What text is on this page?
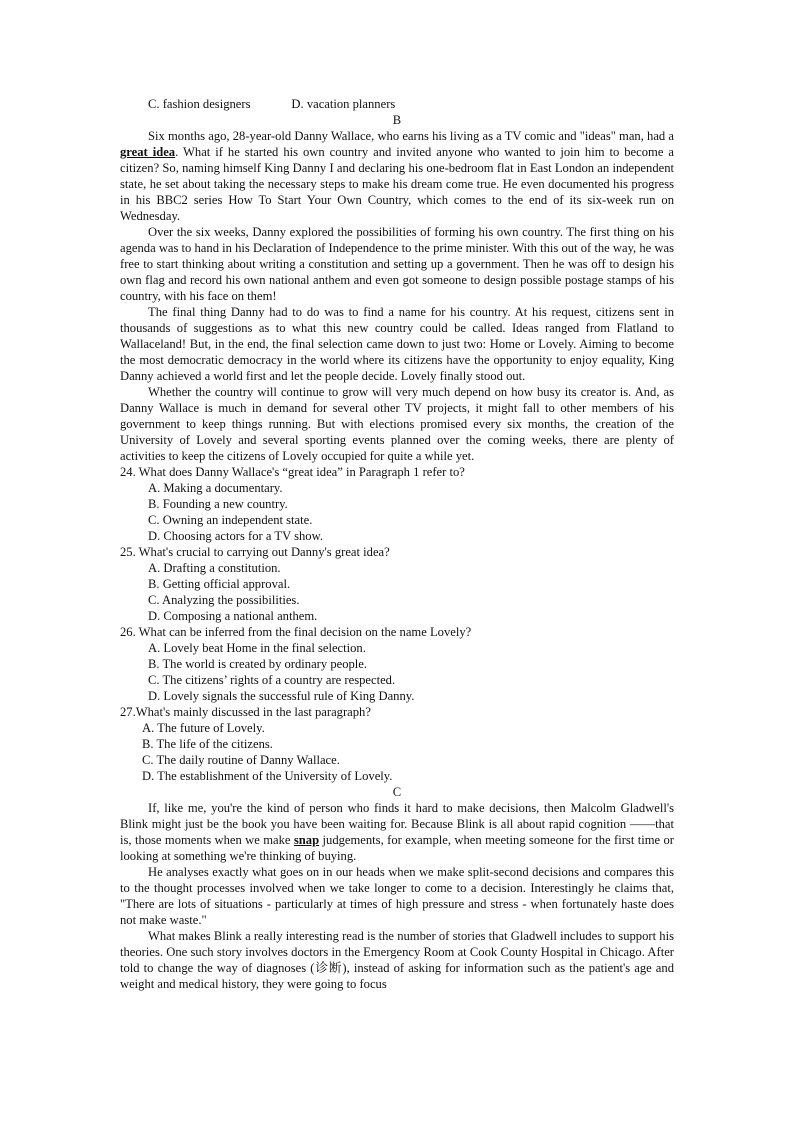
C. fashion designers	D. vacation planners

B

Six months ago, 28-year-old Danny Wallace, who earns his living as a TV comic and "ideas" man, had a great idea. What if he started his own country and invited anyone who wanted to join him to become a citizen? So, naming himself King Danny I and declaring his one-bedroom flat in East London an independent state, he set about taking the necessary steps to make his dream come true. He even documented his progress in his BBC2 series How To Start Your Own Country, which comes to the end of its six-week run on Wednesday.

Over the six weeks, Danny explored the possibilities of forming his own country. The first thing on his agenda was to hand in his Declaration of Independence to the prime minister. With this out of the way, he was free to start thinking about writing a constitution and setting up a government. Then he was off to design his own flag and record his own national anthem and even got someone to design possible postage stamps of his country, with his face on them!

The final thing Danny had to do was to find a name for his country. At his request, citizens sent in thousands of suggestions as to what this new country could be called. Ideas ranged from Flatland to Wallaceland! But, in the end, the final selection came down to just two: Home or Lovely. Aiming to become the most democratic democracy in the world where its citizens have the opportunity to enjoy equality, King Danny achieved a world first and let the people decide. Lovely finally stood out.

Whether the country will continue to grow will very much depend on how busy its creator is. And, as Danny Wallace is much in demand for several other TV projects, it might fall to other members of his government to keep things running. But with elections promised every six months, the creation of the University of Lovely and several sporting events planned over the coming weeks, there are plenty of activities to keep the citizens of Lovely occupied for quite a while yet.

24. What does Danny Wallace's “great idea” in Paragraph 1 refer to?

A. Making a documentary.

B. Founding a new country.

C. Owning an independent state.

D. Choosing actors for a TV show.

25. What's crucial to carrying out Danny's great idea?

A. Drafting a constitution.

B. Getting official approval.

C. Analyzing the possibilities.

D. Composing a national anthem.

26. What can be inferred from the final decision on the name Lovely?

A. Lovely beat Home in the final selection.

B. The world is created by ordinary people.

C. The citizens’ rights of a country are respected.

D. Lovely signals the successful rule of King Danny.

27.What's mainly discussed in the last paragraph?

A. The future of Lovely.

B. The life of the citizens.

C. The daily routine of Danny Wallace.

D. The establishment of the University of Lovely.

C

If, like me, you're the kind of person who finds it hard to make decisions, then Malcolm Gladwell's Blink might just be the book you have been waiting for. Because Blink is all about rapid cognition ——that is, those moments when we make snap judgements, for example, when meeting someone for the first time or looking at something we're thinking of buying.

He analyses exactly what goes on in our heads when we make split-second decisions and compares this to the thought processes involved when we take longer to come to a decision. Interestingly he claims that, "There are lots of situations - particularly at times of high pressure and stress - when fortunately haste does not make waste."

What makes Blink a really interesting read is the number of stories that Gladwell includes to support his theories. One such story involves doctors in the Emergency Room at Cook County Hospital in Chicago. After told to change the way of diagnoses (诊断), instead of asking for information such as the patient's age and weight and medical history, they were going to focus
